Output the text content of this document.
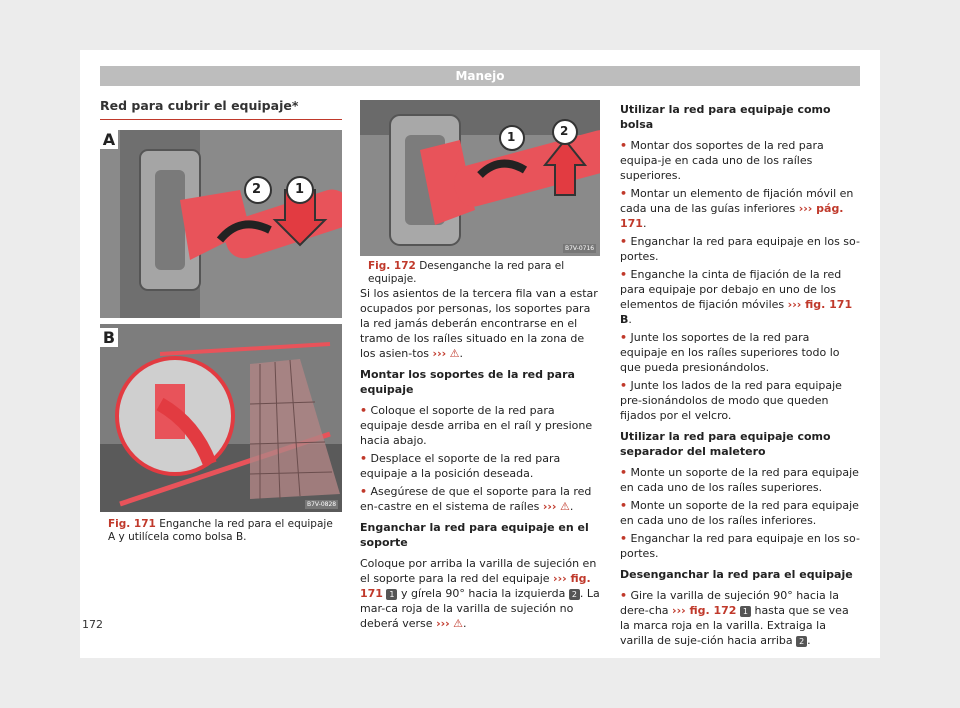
Manejo
Red para cubrir el equipaje*
A
2	1
B
B7V-0828
Fig. 171 Enganche la red para el equipaje A y utilícela como bolsa B.
1	2
B7V-0716
Fig. 172 Desenganche la red para el equipaje.

Si los asientos de la tercera fila van a estar ocupados por personas, los soportes para la red jamás deberán encontrarse en el tramo de los raíles situado en la zona de los asien-tos ››› ⚠.

Montar los soportes de la red para equipaje

• Coloque el soporte de la red para equipaje desde arriba en el raíl y presione hacia abajo.

• Desplace el soporte de la red para equipaje a la posición deseada.

• Asegúrese de que el soporte para la red en-castre en el sistema de raíles ››› ⚠.

Enganchar la red para equipaje en el soporte

Coloque por arriba la varilla de sujeción en el soporte para la red del equipaje ››› fig. 171 1 y gírela 90° hacia la izquierda 2 . La mar-ca roja de la varilla de sujeción no deberá verse ››› ⚠.

Utilizar la red para equipaje como bolsa

• Montar dos soportes de la red para equipa-je en cada uno de los raíles superiores.

• Montar un elemento de fijación móvil en cada una de las guías inferiores ››› pág. 171.

• Enganchar la red para equipaje en los so-portes.

• Enganche la cinta de fijación de la red para equipaje por debajo en uno de los elementos de fijación móviles ››› fig. 171 B.

• Junte los soportes de la red para equipaje en los raíles superiores todo lo que pueda presionándolos.

• Junte los lados de la red para equipaje pre-sionándolos de modo que queden fijados por el velcro.

Utilizar la red para equipaje como separador del maletero

• Monte un soporte de la red para equipaje en cada uno de los raíles superiores.

• Monte un soporte de la red para equipaje en cada uno de los raíles inferiores.

• Enganchar la red para equipaje en los so-portes.

Desenganchar la red para el equipaje

• Gire la varilla de sujeción 90° hacia la dere-cha ››› fig. 172 1 hasta que se vea la marca roja en la varilla. Extraiga la varilla de suje-ción hacia arriba 2 .

172
